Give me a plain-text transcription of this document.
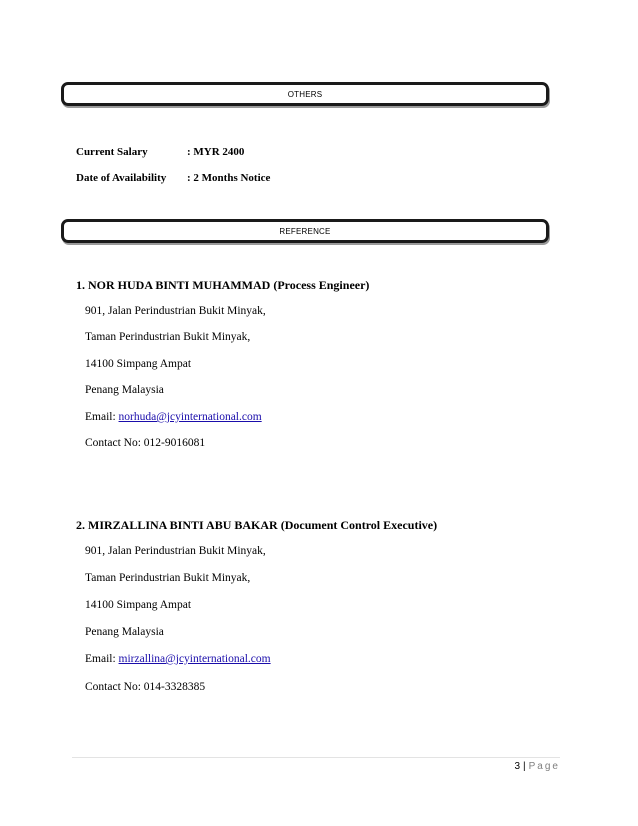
OTHERS
Current Salary	: MYR 2400
Date of Availability : 2 Months Notice
REFERENCE
1. NOR HUDA BINTI MUHAMMAD (Process Engineer)
901, Jalan Perindustrian Bukit Minyak,
Taman Perindustrian Bukit Minyak,
14100 Simpang Ampat
Penang Malaysia
Email: norhuda@jcyinternational.com
Contact No: 012-9016081
2. MIRZALLINA BINTI ABU BAKAR (Document Control Executive)
901, Jalan Perindustrian Bukit Minyak,
Taman Perindustrian Bukit Minyak,
14100 Simpang Ampat
Penang Malaysia
Email: mirzallina@jcyinternational.com
Contact No: 014-3328385
3 | Page
